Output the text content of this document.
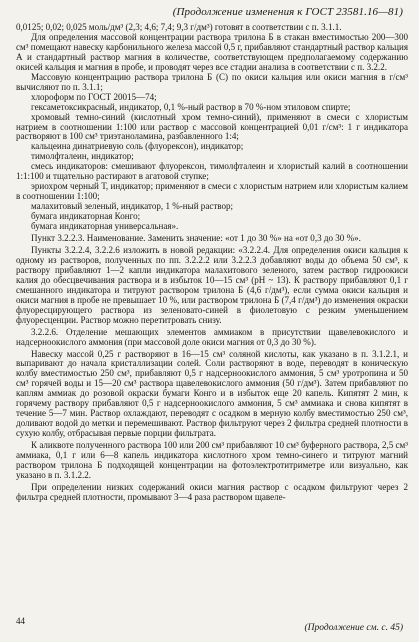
(Продолжение изменения к ГОСТ 23581.16—81)

0,0125; 0,02; 0,025 моль/дм³ (2,3; 4,6; 7,4; 9,3 г/дм³) готовят в соответствии с п. 3.1.1.

Для определения массовой концентрации раствора трилона Б в стакан вместимостью 200—300 см³ помещают навеску карбонильного железа массой 0,5 г, прибавляют стандартный раствор кальция А и стандартный раствор магния в количестве, соответствующем предполагаемому содержанию окисей кальция и магния в пробе, и проводят через все стадии анализа в соответствии с п. 3.2.2.

Массовую концентрацию раствора трилона Б (С) по окиси кальция или окиси магния в г/см³ вычисляют по п. 3.1.1;

хлороформ по ГОСТ 20015—74;

гексаметоксикрасный, индикатор, 0,1 %-ный раствор в 70 %-ном этиловом спирте;

хромовый темно-синий (кислотный хром темно-синий), применяют в смеси с хлористым натрием в соотношении 1:100 или раствор с массовой концентрацией 0,01 г/см³: 1 г индикатора растворяют в 100 см³ триэтаноламина, разбавленного 1:4;

кальцеина динатриевую соль (флуорексон), индикатор;

тимолфталеин, индикатор;

смесь индикаторов: смешивают флуорексон, тимолфталеин и хлористый калий в соотношении 1:1:100 и тщательно растирают в агатовой ступке;

эриохром черный Т, индикатор; применяют в смеси с хлористым натрием или хлористым калием в соотношении 1:100;

малахитовый зеленый, индикатор, 1 %-ный раствор;

бумага индикаторная Конго;

бумага индикаторная универсальная».

Пункт 3.2.2.3. Наименование. Заменить значение: «от 1 до 30 %» на «от 0,3 до 30 %».

Пункты 3.2.2.4, 3.2.2.6 изложить в новой редакции: «3.2.2.4. Для определения окиси кальция к одному из растворов, полученных по пп. 3.2.2.2 или 3.2.2.3 добавляют воды до объема 50 см³, к раствору прибавляют 1—2 капли индикатора малахитового зеленого, затем раствор гидроокиси калия до обесцвечивания раствора и в избыток 10—15 см³ (pH ~ 13). К раствору прибавляют 0,1 г смешанного индикатора и титруют раствором трилона Б (4,6 г/дм³), если сумма окиси кальция и окиси магния в пробе не превышает 10 %, или раствором трилона Б (7,4 г/дм³) до изменения окраски флуоресцирующего раствора из зеленовато-синей в фиолетовую с резким уменьшением флуоресценции. Раствор можно перетитровать снизу.

3.2.2.6. Отделение мешающих элементов аммиаком в присутствии щавелевокислого и надсерноокислого аммония (при массовой доле окиси магния от 0,3 до 30 %).

Навеску массой 0,25 г растворяют в 16—15 см³ соляной кислоты, как указано в п. 3.1.2.1, и выпаривают до начала кристаллизации солей. Соли растворяют в воде, переводят в коническую колбу вместимостью 250 см³, прибавляют 0,5 г надсерноокислого аммония, 5 см³ уротропина и 50 см³ горячей воды и 15—20 см³ раствора щавелевокислого аммония (50 г/дм³). Затем прибавляют по каплям аммиак до розовой окраски бумаги Конго и в избыток еще 20 капель. Кипятят 2 мин, к горячему раствору прибавляют 0,5 г надсерноокислого аммония, 5 см³ аммиака и снова кипятят в течение 5—7 мин. Раствор охлаждают, переводят с осадком в мерную колбу вместимостью 250 см³, доливают водой до метки и перемешивают. Раствор фильтруют через 2 фильтра средней плотности в сухую колбу, отбрасывая первые порции фильтрата.

К аликвоте полученного раствора 100 или 200 см³ прибавляют 10 см³ буферного раствора, 2,5 см³ аммиака, 0,1 г или 6—8 капель индикатора кислотного хром темно-синего и титруют магний раствором трилона Б подходящей концентрации на фотоэлектротитриметре или визуально, как указано в п. 3.1.2.2.

При определении низких содержаний окиси магния раствор с осадком фильтруют через 2 фильтра средней плотности, промывают 3—4 раза раствором щавеле-

44
(Продолжение см. с. 45)
